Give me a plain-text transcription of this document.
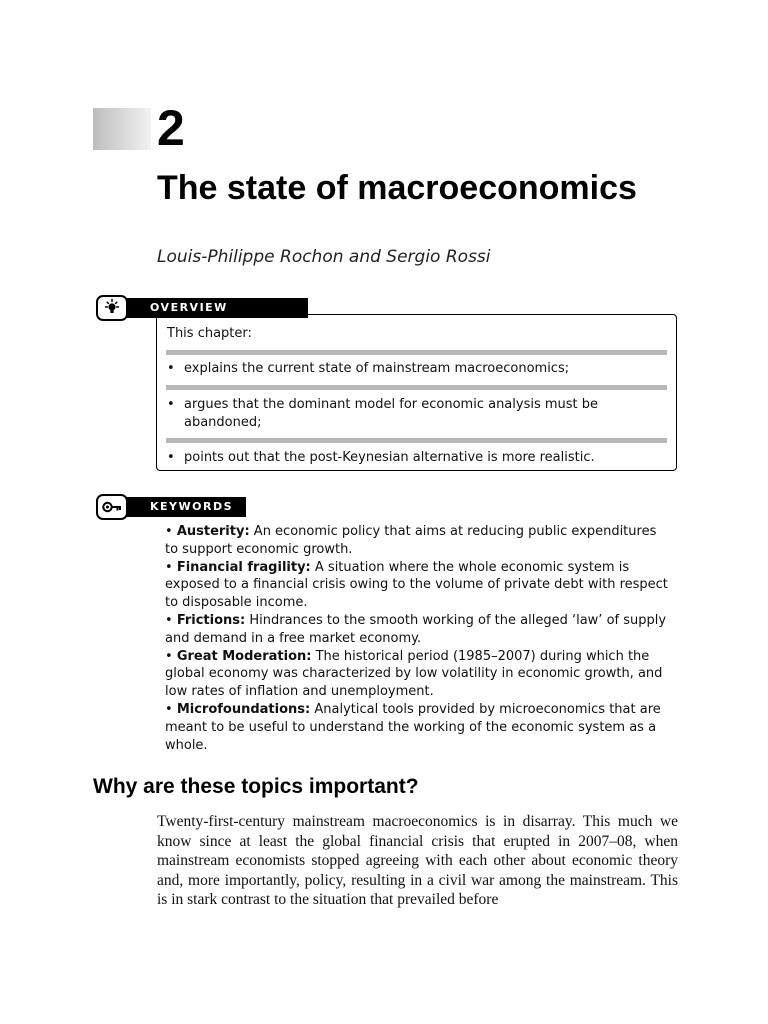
2
The state of macroeconomics
Louis-Philippe Rochon and Sergio Rossi
OVERVIEW
This chapter:
• explains the current state of mainstream macroeconomics;
• argues that the dominant model for economic analysis must be abandoned;
• points out that the post-Keynesian alternative is more realistic.
KEYWORDS

• Austerity: An economic policy that aims at reducing public expenditures to support economic growth.

• Financial fragility: A situation where the whole economic system is exposed to a financial crisis owing to the volume of private debt with respect to disposable income.

• Frictions: Hindrances to the smooth working of the alleged ‘law’ of supply and demand in a free market economy.

• Great Moderation: The historical period (1985–2007) during which the global economy was characterized by low volatility in economic growth, and low rates of inflation and unemployment.

• Microfoundations: Analytical tools provided by microeconomics that are meant to be useful to understand the working of the economic system as a whole.

Why are these topics important?
Twenty-first-century mainstream macroeconomics is in disarray. This much we know since at least the global financial crisis that erupted in 2007–08, when mainstream economists stopped agreeing with each other about economic theory and, more importantly, policy, resulting in a civil war among the mainstream. This is in stark contrast to the situation that prevailed before
